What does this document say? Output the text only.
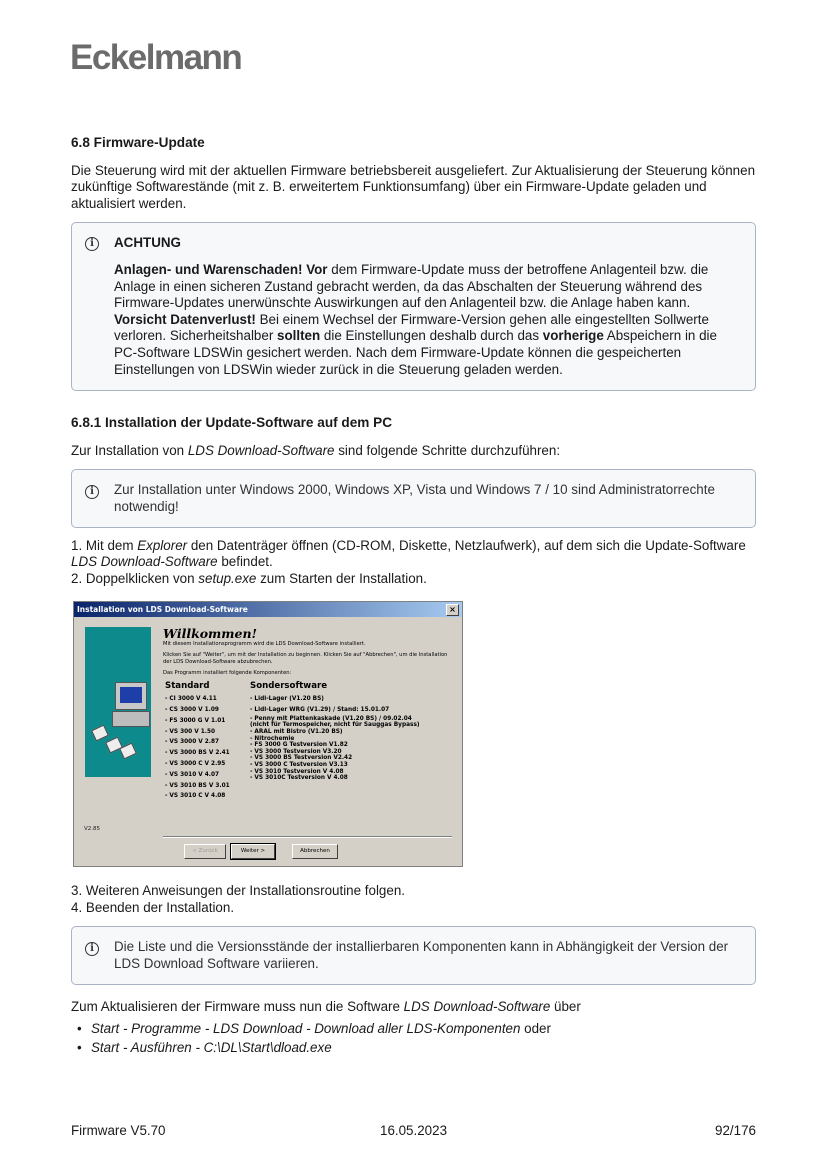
Eckelmann
6.8 Firmware-Update

Die Steuerung wird mit der aktuellen Firmware betriebsbereit ausgeliefert. Zur Aktualisierung der Steuerung können zukünftige Softwarestände (mit z. B. erweitertem Funktionsumfang) über ein Firmware-Update geladen und aktualisiert werden.

i	ACHTUNG
Anlagen- und Warenschaden! Vor dem Firmware-Update muss der betroffene Anlagenteil bzw. die Anlage in einen sicheren Zustand gebracht werden, da das Abschalten der Steuerung während des Firmware-Updates unerwünschte Auswirkungen auf den Anlagenteil bzw. die Anlage haben kann.
Vorsicht Datenverlust! Bei einem Wechsel der Firmware-Version gehen alle eingestellten Sollwerte verloren. Sicherheitshalber sollten die Einstellungen deshalb durch das vorherige Abspeichern in die PC-Software LDSWin gesichert werden. Nach dem Firmware-Update können die gespeicherten Einstellungen von LDSWin wieder zurück in die Steuerung geladen werden.
6.8.1 Installation der Update-Software auf dem PC

Zur Installation von LDS Download-Software sind folgende Schritte durchzuführen:

i	Zur Installation unter Windows 2000, Windows XP, Vista und Windows 7 / 10 sind Administratorrechte notwendig!
1. Mit dem Explorer den Datenträger öffnen (CD-ROM, Diskette, Netzlaufwerk), auf dem sich die Update-Software LDS Download-Software befindet.
2. Doppelklicken von setup.exe zum Starten der Installation.
Installation von LDS Download-Software	×
Willkommen!
Mit diesem Installationsprogramm wird die LDS Download-Software installiert.
Klicken Sie auf "Weiter", um mit der Installation zu beginnen. Klicken Sie auf "Abbrechen", um die Installation der LDS Download-Software abzubrechen.
Das Programm installiert folgende Komponenten:
Standard
- CI 3000 V 4.11
- CS 3000 V 1.09
- FS 3000 G V 1.01
- VS 300 V 1.50
- VS 3000 V 2.87
- VS 3000 BS V 2.41
- VS 3000 C V 2.95
- VS 3010 V 4.07
- VS 3010 BS V 3.01
- VS 3010 C V 4.08
Sondersoftware
- Lidl-Lager (V1.20 BS)
- Lidl-Lager WRG (V1.29) / Stand: 15.01.07
- Penny mit Plattenkaskade (V1.20 BS) / 09.02.04
(nicht für Termospeicher, nicht für Sauggas Bypass)
- ARAL mit Bistro (V1.20 BS)
- Nitrochemie
- FS 3000 G Testversion V1.82
- VS 3000 Testversion V3.20
- VS 3000 BS Testversion V2.42
- VS 3000 C Testversion V3.13
- VS 3010 Testversion V 4.08
- VS 3010C Testversion V 4.08
V2.85
< Zurück	Weiter >	Abbrechen
3. Weiteren Anweisungen der Installationsroutine folgen.
4. Beenden der Installation.
i	Die Liste und die Versionsstände der installierbaren Komponenten kann in Abhängigkeit der Version der LDS Download Software variieren.

Zum Aktualisieren der Firmware muss nun die Software LDS Download-Software über

• Start - Programme - LDS Download - Download aller LDS-Komponenten oder
• Start - Ausführen - C:\DL\Start\dload.exe
Firmware V5.70	16.05.2023	92/176
